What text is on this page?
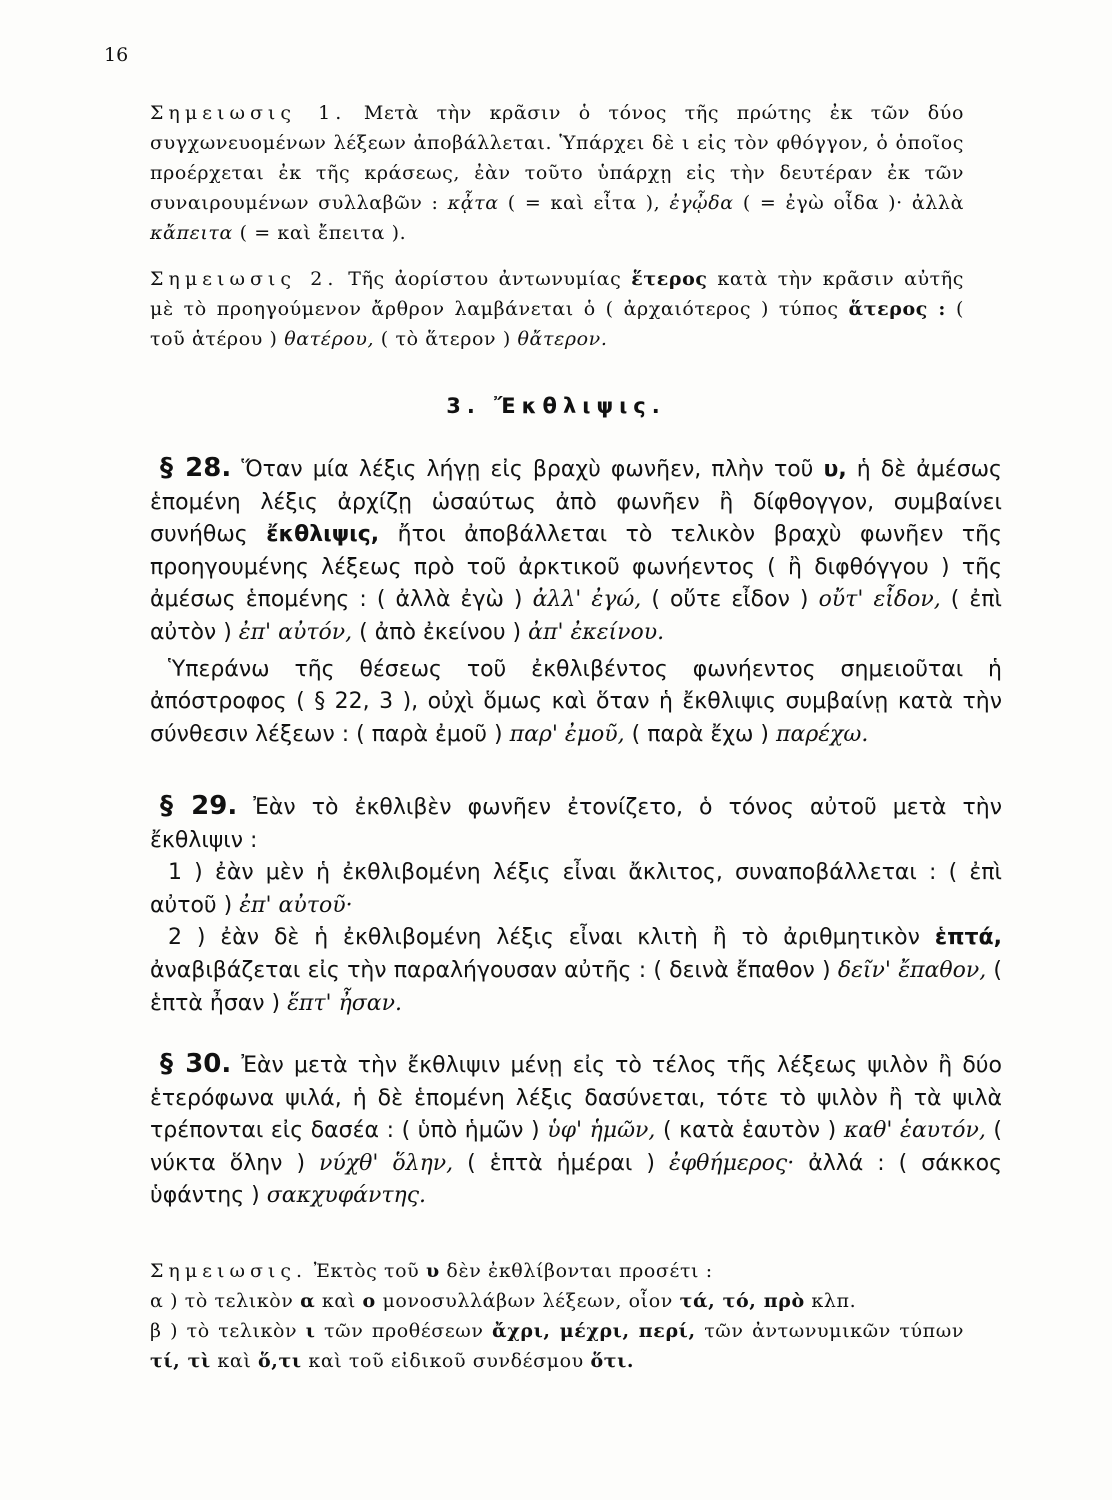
16

Σημειωσις 1. Μετὰ τὴν κρᾶσιν ὁ τόνος τῆς πρώτης ἐκ τῶν δύο συγχωνευομένων λέξεων ἀποβάλλεται. Ὑπάρχει δὲ ι εἰς τὸν φθόγγον, ὁ ὁποῖος προέρχεται ἐκ τῆς κράσεως, ἐὰν τοῦτο ὑπάρχῃ εἰς τὴν δευτέραν ἐκ τῶν συναιρουμένων συλλαβῶν : κᾆτα ( = καὶ εἶτα ), ἐγᾦδα ( = ἐγὼ οἶδα )· ἀλλὰ κἄπειτα ( = καὶ ἔπειτα ).

Σημειωσις 2. Τῆς ἀορίστου ἀντωνυμίας ἕτερος κατὰ τὴν κρᾶσιν αὐτῆς μὲ τὸ προηγούμενον ἄρθρον λαμβάνεται ὁ ( ἀρχαιότερος ) τύπος ἅτερος : ( τοῦ ἁτέρου ) θατέρου, ( τὸ ἅτερον ) θἄτερον.

3. Ἔκθλιψις.

§ 28. Ὅταν μία λέξις λήγῃ εἰς βραχὺ φωνῆεν, πλὴν τοῦ υ, ἡ δὲ ἀμέσως ἑπομένη λέξις ἀρχίζῃ ὡσαύτως ἀπὸ φωνῆεν ἢ δίφθογγον, συμβαίνει συνήθως ἔκθλιψις, ἤτοι ἀποβάλλεται τὸ τελικὸν βραχὺ φωνῆεν τῆς προηγουμένης λέξεως πρὸ τοῦ ἀρκτικοῦ φωνήεντος ( ἢ διφθόγγου ) τῆς ἀμέσως ἑπομένης : ( ἀλλὰ ἐγὼ ) ἀλλ' ἐγώ, ( οὔτε εἶδον ) οὔτ' εἶδον, ( ἐπὶ αὐτὸν ) ἐπ' αὐτόν, ( ἀπὸ ἐκείνου ) ἀπ' ἐκείνου.

Ὑπεράνω τῆς θέσεως τοῦ ἐκθλιβέντος φωνήεντος σημειοῦται ἡ ἀπόστροφος ( § 22, 3 ), οὐχὶ ὅμως καὶ ὅταν ἡ ἔκθλιψις συμβαίνῃ κατὰ τὴν σύνθεσιν λέξεων : ( παρὰ ἐμοῦ ) παρ' ἐμοῦ, ( παρὰ ἔχω ) παρέχω.

§ 29. Ἐὰν τὸ ἐκθλιβὲν φωνῆεν ἐτονίζετο, ὁ τόνος αὐτοῦ μετὰ τὴν ἔκθλιψιν :

1 ) ἐὰν μὲν ἡ ἐκθλιβομένη λέξις εἶναι ἄκλιτος, συναποβάλλεται : ( ἐπὶ αὐτοῦ ) ἐπ' αὐτοῦ·

2 ) ἐὰν δὲ ἡ ἐκθλιβομένη λέξις εἶναι κλιτὴ ἢ τὸ ἀριθμητικὸν ἑπτά, ἀναβιβάζεται εἰς τὴν παραλήγουσαν αὐτῆς : ( δεινὰ ἔπαθον ) δεῖν' ἔπαθον, ( ἑπτὰ ἦσαν ) ἕπτ' ἦσαν.

§ 30. Ἐὰν μετὰ τὴν ἔκθλιψιν μένῃ εἰς τὸ τέλος τῆς λέξεως ψιλὸν ἢ δύο ἑτερόφωνα ψιλά, ἡ δὲ ἑπομένη λέξις δασύνεται, τότε τὸ ψιλὸν ἢ τὰ ψιλὰ τρέπονται εἰς δασέα : ( ὑπὸ ἡμῶν ) ὑφ' ἡμῶν, ( κατὰ ἑαυτὸν ) καθ' ἑαυτόν, ( νύκτα ὅλην ) νύχθ' ὅλην, ( ἑπτὰ ἡμέραι ) ἐφθήμερος· ἀλλά : ( σάκκος ὑφάντης ) σακχυφάντης.

Σημειωσις. Ἐκτὸς τοῦ υ δὲν ἐκθλίβονται προσέτι :

α ) τὸ τελικὸν α καὶ ο μονοσυλλάβων λέξεων, οἷον τά, τό, πρὸ κλπ.

β ) τὸ τελικὸν ι τῶν προθέσεων ἄχρι, μέχρι, περί, τῶν ἀντωνυμικῶν τύπων τί, τὶ καὶ ὅ,τι καὶ τοῦ εἰδικοῦ συνδέσμου ὅτι.
